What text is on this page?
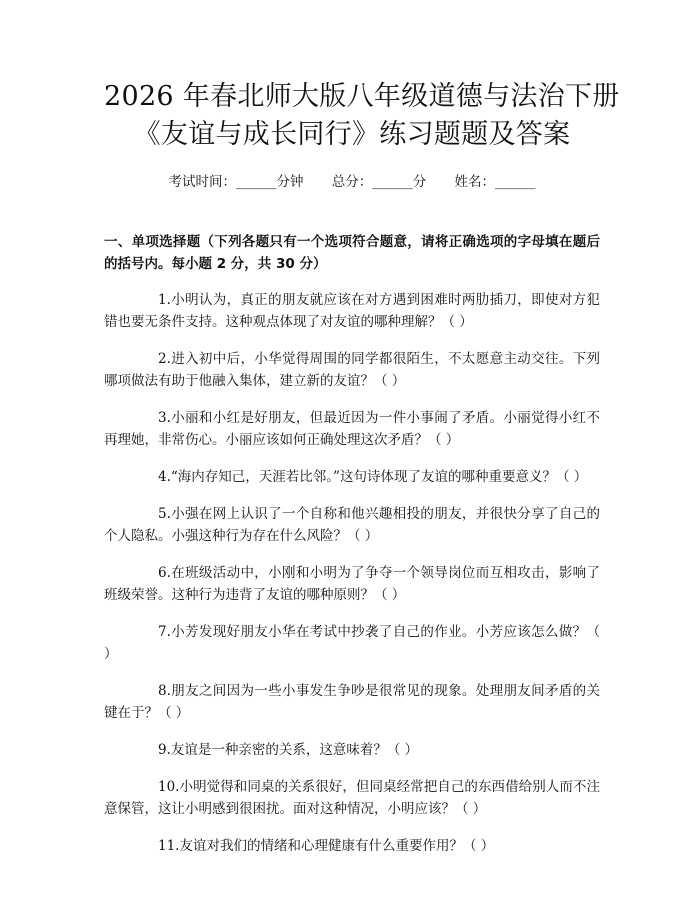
2026 年春北师大版八年级道德与法治下册
《友谊与成长同行》练习题题及答案
考试时间：______分钟 总分：______分 姓名：______
一、单项选择题（下列各题只有一个选项符合题意，请将正确选项的字母填在题后的括号内。每小题 2 分，共 30 分）

1.小明认为，真正的朋友就应该在对方遇到困难时两肋插刀，即使对方犯错也要无条件支持。这种观点体现了对友谊的哪种理解？（ ）

2.进入初中后，小华觉得周围的同学都很陌生，不太愿意主动交往。下列哪项做法有助于他融入集体，建立新的友谊？（ ）

3.小丽和小红是好朋友，但最近因为一件小事闹了矛盾。小丽觉得小红不再理她，非常伤心。小丽应该如何正确处理这次矛盾？（ ）

4.“海内存知己，天涯若比邻。”这句诗体现了友谊的哪种重要意义？（ ）

5.小强在网上认识了一个自称和他兴趣相投的朋友，并很快分享了自己的个人隐私。小强这种行为存在什么风险？（ ）

6.在班级活动中，小刚和小明为了争夺一个领导岗位而互相攻击，影响了班级荣誉。这种行为违背了友谊的哪种原则？（ ）

7.小芳发现好朋友小华在考试中抄袭了自己的作业。小芳应该怎么做？（ ）

8.朋友之间因为一些小事发生争吵是很常见的现象。处理朋友间矛盾的关键在于？（ ）

9.友谊是一种亲密的关系，这意味着？（ ）

10.小明觉得和同桌的关系很好，但同桌经常把自己的东西借给别人而不注意保管，这让小明感到很困扰。面对这种情况，小明应该？（ ）

11.友谊对我们的情绪和心理健康有什么重要作用？（ ）
